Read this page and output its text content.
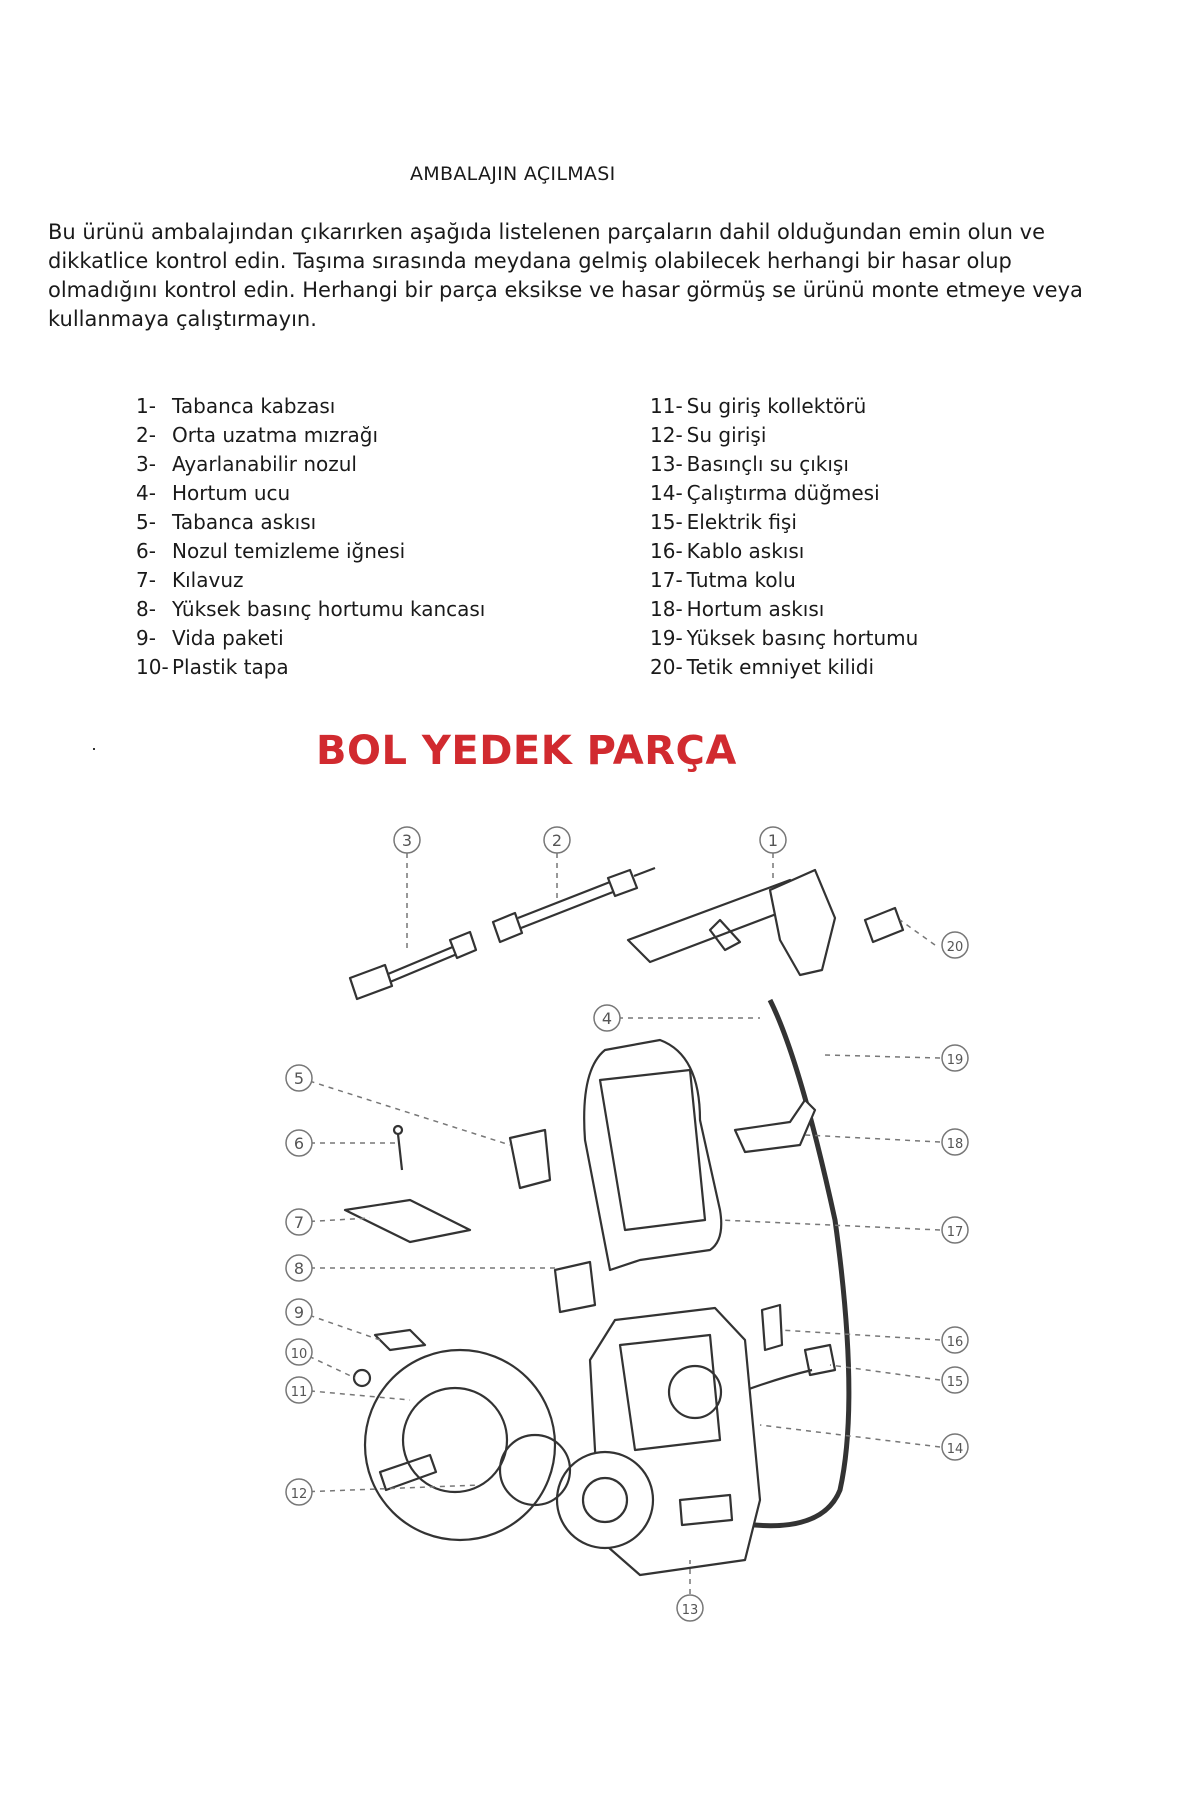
AMBALAJIN AÇILMASI

Bu ürünü ambalajından çıkarırken aşağıda listelenen parçaların dahil olduğundan emin olun ve dikkatlice kontrol edin. Taşıma sırasında meydana gelmiş olabilecek herhangi bir hasar olup olmadığını kontrol edin. Herhangi bir parça eksikse ve hasar görmüş se ürünü monte etmeye veya kullanmaya çalıştırmayın.

1- Tabanca kabzası
2- Orta uzatma mızrağı
3- Ayarlanabilir nozul
4- Hortum ucu
5- Tabanca askısı
6- Nozul temizleme iğnesi
7- Kılavuz
8- Yüksek basınç hortumu kancası
9- Vida paketi
10- Plastik tapa
11- Su giriş kollektörü
12- Su girişi
13- Basınçlı su çıkışı
14- Çalıştırma düğmesi
15- Elektrik fişi
16- Kablo askısı
17- Tutma kolu
18- Hortum askısı
19- Yüksek basınç hortumu
20- Tetik emniyet kilidi
BOL YEDEK PARÇA
1
2
3
4
5
6
7
8
9
10
11
12
13
14
15
16
17
18
19
20
